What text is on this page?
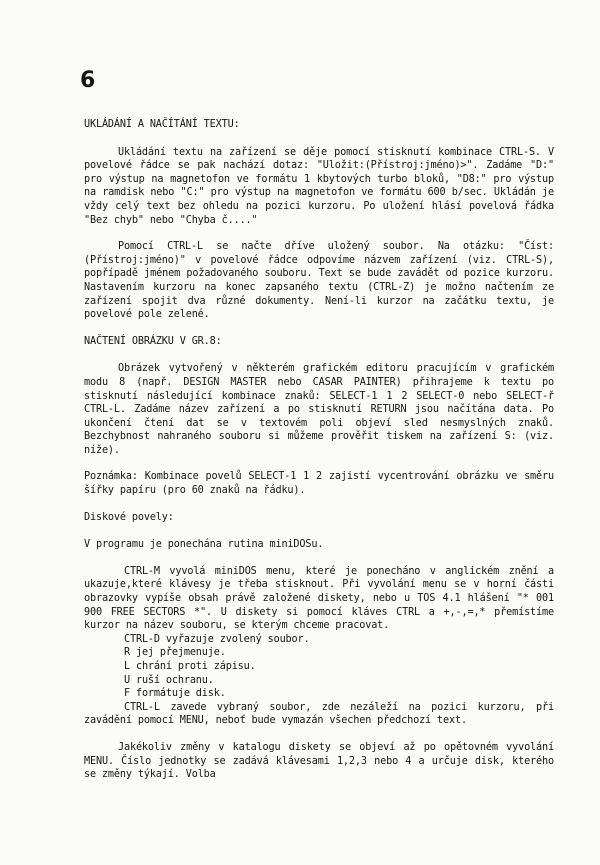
6

UKLÁDÁNÍ A NAČÍTÁNÍ TEXTU:

Ukládání textu na zařízení se děje pomocí stisknutí kombinace CTRL-S. V povelové řádce se pak nachází dotaz: "Uložit:(Přístroj:jméno)>". Zadáme "D:" pro výstup na magnetofon ve formátu 1 kbytových turbo bloků, "D8:" pro výstup na ramdisk nebo "C:" pro výstup na magnetofon ve formátu 600 b/sec. Ukládán je vždy celý text bez ohledu na pozici kurzoru. Po uložení hlásí povelová řádka "Bez chyb" nebo "Chyba č...."

Pomocí CTRL-L se načte dříve uložený soubor. Na otázku: "Číst:(Přístroj:jméno)" v povelové řádce odpovíme názvem zařízení (viz. CTRL-S), popřípadě jménem požadovaného souboru. Text se bude zavádět od pozice kurzoru. Nastavením kurzoru na konec zapsaného textu (CTRL-Z) je možno načtením ze zařízení spojit dva různé dokumenty. Není-li kurzor na začátku textu, je povelové pole zelené.

NAČTENÍ OBRÁZKU V GR.8:

Obrázek vytvořený v některém grafickém editoru pracujícím v grafickém modu 8 (např. DESIGN MASTER nebo CASAR PAINTER) přihrajeme k textu po stisknutí následující kombinace znaků: SELECT-1 1 2 SELECT-0 nebo SELECT-ř CTRL-L. Zadáme název zařízení a po stisknutí RETURN jsou načítána data. Po ukončení čtení dat se v textovém poli objeví sled nesmyslných znaků. Bezchybnost nahraného souboru si můžeme prověřit tiskem na zařízení S: (viz. níže).

Poznámka: Kombinace povelů SELECT-1 1 2 zajistí vycentrování obrázku ve směru šířky papíru (pro 60 znaků na řádku).

Diskové povely:

V programu je ponechána rutina miniDOSu.

CTRL-M vyvolá miniDOS menu, které je ponecháno v anglickém znění a ukazuje,které klávesy je třeba stisknout. Při vyvolání menu se v horní části obrazovky vypíše obsah právě založené diskety, nebo u TOS 4.1 hlášení "* 001 900 FREE SECTORS *". U diskety si pomocí kláves CTRL a +,-,=,* přemístíme kurzor na název souboru, se kterým chceme pracovat.

CTRL-D vyřazuje zvolený soubor.

R jej přejmenuje.

L chrání proti zápisu.

U ruší ochranu.

F formátuje disk.

CTRL-L zavede vybraný soubor, zde nezáleží na pozici kurzoru, při zavádění pomocí MENU, neboť bude vymazán všechen předchozí text.

Jakékoliv změny v katalogu diskety se objeví až po opětovném vyvolání MENU. Číslo jednotky se zadává klávesami 1,2,3 nebo 4 a určuje disk, kterého se změny týkají. Volba
